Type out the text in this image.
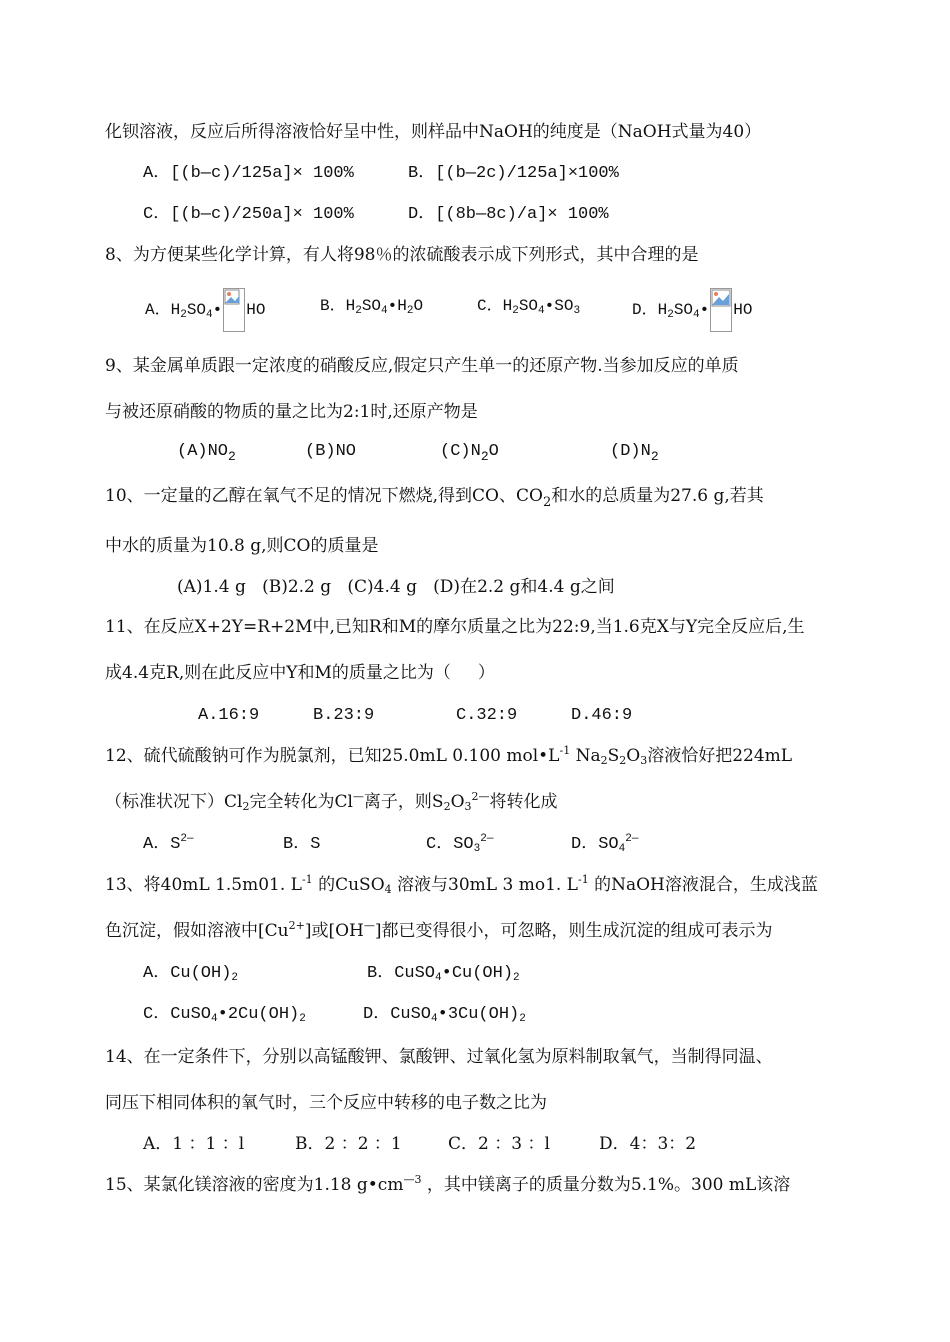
化钡溶液，反应后所得溶液恰好呈中性，则样品中NaOH的纯度是（NaOH式量为40）
A．[(b—c)/125a]× 100%	B．[(b—2c)/125a]×100%
C．[(b—c)/250a]× 100%	D．[(8b—8c)/a]× 100%
8、为方便某些化学计算，有人将98％的浓硫酸表示成下列形式，其中合理的是
A．$H_2SO_4•$ HO	B．$H_2SO_4•H_2O$	C．$H_2SO_4•SO_3$	D．$H_2SO_4•$ HO
9、某金属单质跟一定浓度的硝酸反应,假定只产生单一的还原产物.当参加反应的单质
与被还原硝酸的物质的量之比为2:1时,还原产物是
$(A)NO_2$	(B)NO	$(C)N_2O$	$(D)N_2$
10、一定量的乙醇在氧气不足的情况下燃烧,得到CO、$CO_2$和水的总质量为27.6 g,若其
中水的质量为10.8 g,则CO的质量是
(A)1.4 g   (B)2.2 g   (C)4.4 g   (D)在2.2 g和4.4 g之间
11、在反应X+2Y=R+2M中,已知R和M的摩尔质量之比为22:9,当1.6克X与Y完全反应后,生
成4.4克R,则在此反应中Y和M的质量之比为（     ）
A.16:9	B.23:9	C.32:9	D.46:9
12、硫代硫酸钠可作为脱氯剂，已知25.0mL 0.100 $mol•L^{-1}$ $Na_2S_2O_3$溶液恰好把224mL
（标准状况下）$Cl_2$完全转化为Cl—离子，则$S_2O_3^{2—}$将转化成
A．$S^{2—}$	B．S	C．$SO_3^{2—}$	D．$SO_4^{2—}$
13、将40mL 1.5m01. $L^{-1}$ 的CuSO$_4$ 溶液与30mL 3 mo1. $L^{-1}$ 的NaOH溶液混合，生成浅蓝
色沉淀，假如溶液中$[Cu^{2+}]$或[OH—]都已变得很小，可忽略，则生成沉淀的组成可表示为
A．$Cu(OH)_2$	B．$CuSO_4•Cu(OH)_2$
C．$CuSO_4•2Cu(OH)_2$	D．$CuSO_4•3Cu(OH)_2$
14、在一定条件下，分别以高锰酸钾、氯酸钾、过氧化氢为原料制取氧气，当制得同温、
同压下相同体积的氧气时，三个反应中转移的电子数之比为
A．1 ：1 ：l	B．2 ：2 ：1	C．2 ：3 ：l	D．4：3：2
15、某氯化镁溶液的密度为1.18 $g•cm^{—3}$ ，其中镁离子的质量分数为5.1%。300 mL该溶
